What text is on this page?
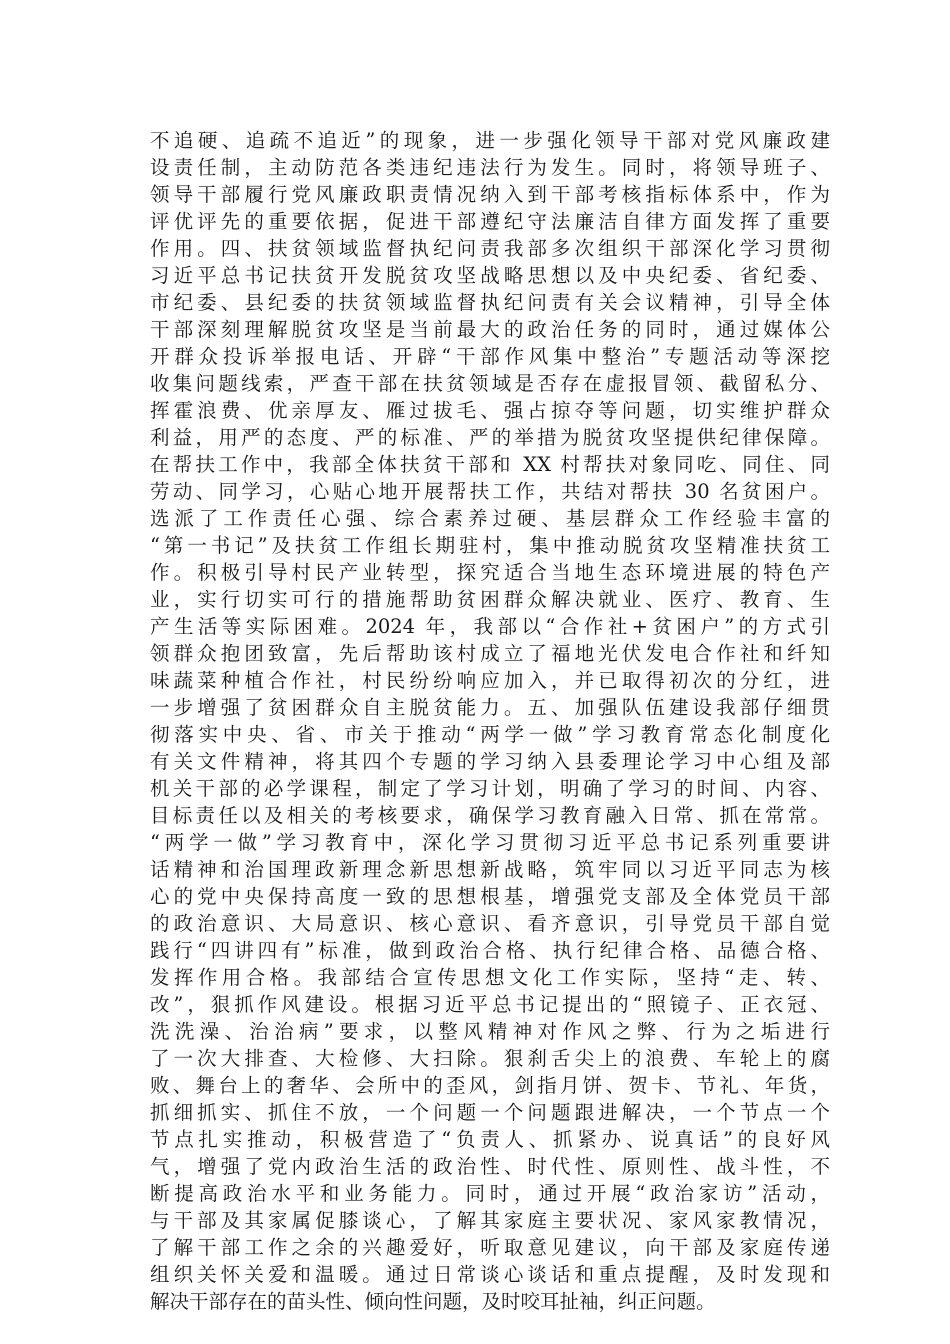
不追硬、追疏不追近”的现象，进一步强化领导干部对党风廉政建
设责任制，主动防范各类违纪违法行为发生。同时，将领导班子、
领导干部履行党风廉政职责情况纳入到干部考核指标体系中，作为
评优评先的重要依据，促进干部遵纪守法廉洁自律方面发挥了重要
作用。四、扶贫领域监督执纪问责我部多次组织干部深化学习贯彻
习近平总书记扶贫开发脱贫攻坚战略思想以及中央纪委、省纪委、
市纪委、县纪委的扶贫领域监督执纪问责有关会议精神，引导全体
干部深刻理解脱贫攻坚是当前最大的政治任务的同时，通过媒体公
开群众投诉举报电话、开辟“干部作风集中整治”专题活动等深挖
收集问题线索，严查干部在扶贫领域是否存在虚报冒领、截留私分、
挥霍浪费、优亲厚友、雁过拔毛、强占掠夺等问题，切实维护群众
利益，用严的态度、严的标准、严的举措为脱贫攻坚提供纪律保障。
在帮扶工作中，我部全体扶贫干部和 XX 村帮扶对象同吃、同住、同
劳动、同学习，心贴心地开展帮扶工作，共结对帮扶 30 名贫困户。
选派了工作责任心强、综合素养过硬、基层群众工作经验丰富的
“第一书记”及扶贫工作组长期驻村，集中推动脱贫攻坚精准扶贫工
作。积极引导村民产业转型，探究适合当地生态环境进展的特色产
业，实行切实可行的措施帮助贫困群众解决就业、医疗、教育、生
产生活等实际困难。2024 年，我部以“合作社+贫困户”的方式引
领群众抱团致富，先后帮助该村成立了福地光伏发电合作社和纤知
味蔬菜种植合作社，村民纷纷响应加入，并已取得初次的分红，进
一步增强了贫困群众自主脱贫能力。五、加强队伍建设我部仔细贯
彻落实中央、省、市关于推动“两学一做”学习教育常态化制度化
有关文件精神，将其四个专题的学习纳入县委理论学习中心组及部
机关干部的必学课程，制定了学习计划，明确了学习的时间、内容、
目标责任以及相关的考核要求，确保学习教育融入日常、抓在常常。
“两学一做”学习教育中，深化学习贯彻习近平总书记系列重要讲
话精神和治国理政新理念新思想新战略，筑牢同以习近平同志为核
心的党中央保持高度一致的思想根基，增强党支部及全体党员干部
的政治意识、大局意识、核心意识、看齐意识，引导党员干部自觉
践行“四讲四有”标准，做到政治合格、执行纪律合格、品德合格、
发挥作用合格。我部结合宣传思想文化工作实际，坚持“走、转、
改”，狠抓作风建设。根据习近平总书记提出的“照镜子、正衣冠、
洗洗澡、治治病”要求，以整风精神对作风之弊、行为之垢进行
了一次大排查、大检修、大扫除。狠刹舌尖上的浪费、车轮上的腐
败、舞台上的奢华、会所中的歪风，剑指月饼、贺卡、节礼、年货，
抓细抓实、抓住不放，一个问题一个问题跟进解决，一个节点一个
节点扎实推动，积极营造了“负责人、抓紧办、说真话”的良好风
气，增强了党内政治生活的政治性、时代性、原则性、战斗性，不
断提高政治水平和业务能力。同时，通过开展“政治家访”活动，
与干部及其家属促膝谈心，了解其家庭主要状况、家风家教情况，
了解干部工作之余的兴趣爱好，听取意见建议，向干部及家庭传递
组织关怀关爱和温暖。通过日常谈心谈话和重点提醒，及时发现和
解决干部存在的苗头性、倾向性问题，及时咬耳扯袖，纠正问题。
